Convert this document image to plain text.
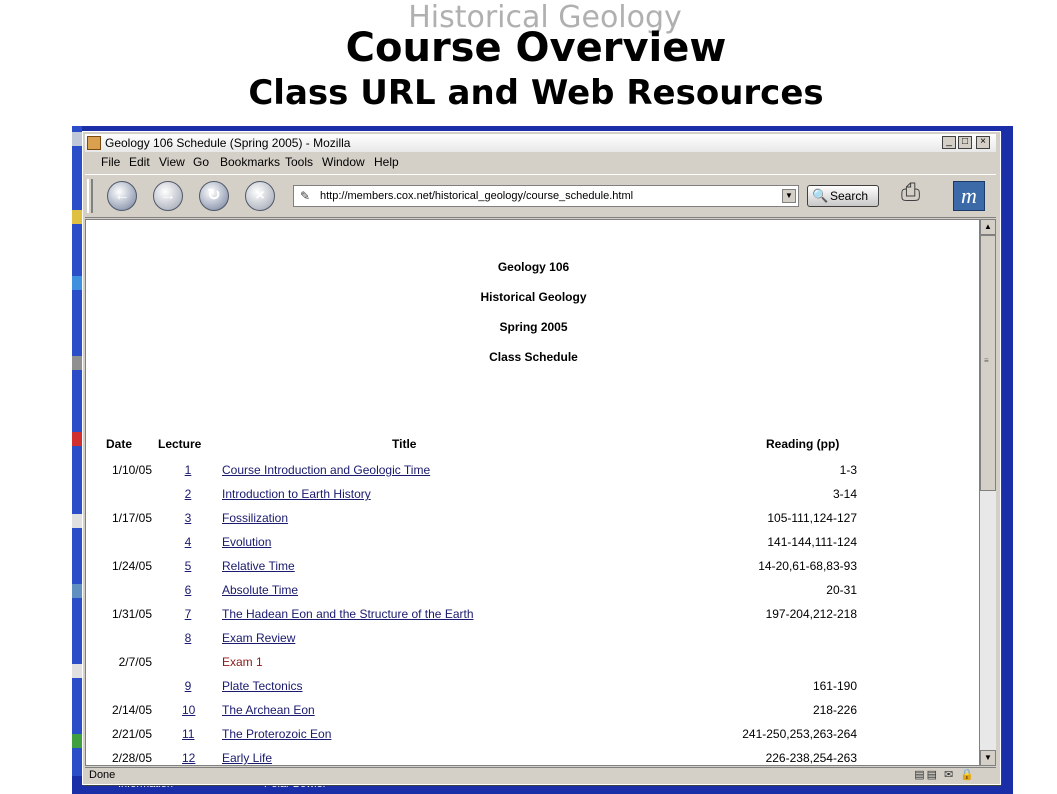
Historical Geology
Course Overview
Class URL and Web Resources
Geology 106 Schedule (Spring 2005) - Mozilla	_	□	×
File Edit View Go Bookmarks Tools Window Help
←	→	↻	×	✎
http://members.cox.net/historical_geology/course_schedule.html	▼ 🔍 Search ⎙	m
Geology 106
Historical Geology
Spring 2005
Class Schedule
Date Lecture	Title	Reading (pp)
1/10/05	1	Course Introduction and Geologic Time	1-3
2	Introduction to Earth History	3-14
1/17/05	3	Fossilization	105-111,124-127
4	Evolution	141-144,111-124
1/24/05	5	Relative Time	14-20,61-68,83-93
6	Absolute Time	20-31
1/31/05	7	The Hadean Eon and the Structure of the Earth	197-204,212-218
8	Exam Review
2/7/05	Exam 1
9	Plate Tectonics	161-190
2/14/05	10 The Archean Eon	218-226
2/21/05	11 The Proterozoic Eon	241-250,253,263-264
2/28/05	12 Early Life	226-238,254-263
▲
≡
▼
Done	▤▤ ✉ 🔒
